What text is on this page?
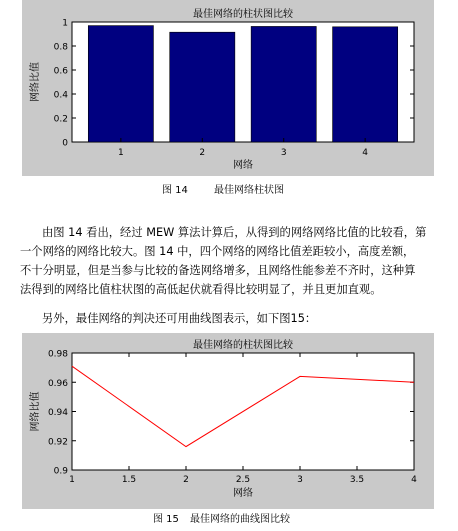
最佳网络的柱状图比较
网络
网络比值
0
0.2
0.4
0.6
0.8
1
1	2	3	4
图 14	最佳网络柱状图
由图 14 看出，经过 MEW 算法计算后，从得到的网络网络比值的比较看，第
一个网络的网络比较大。图 14 中，四个网络的网络比值差距较小，高度差额，
不十分明显，但是当参与比较的备选网络增多，且网络性能参差不齐时，这种算
法得到的网络比值柱状图的高低起伏就看得比较明显了，并且更加直观。
另外，最佳网络的判决还可用曲线图表示，如下图15：
最佳网络的柱状图比较
网络
网络比值
0.9
0.92
0.94
0.96
0.98
1	1.5	2	2.5	3	3.5	4
图 15 最佳网络的曲线图比较
